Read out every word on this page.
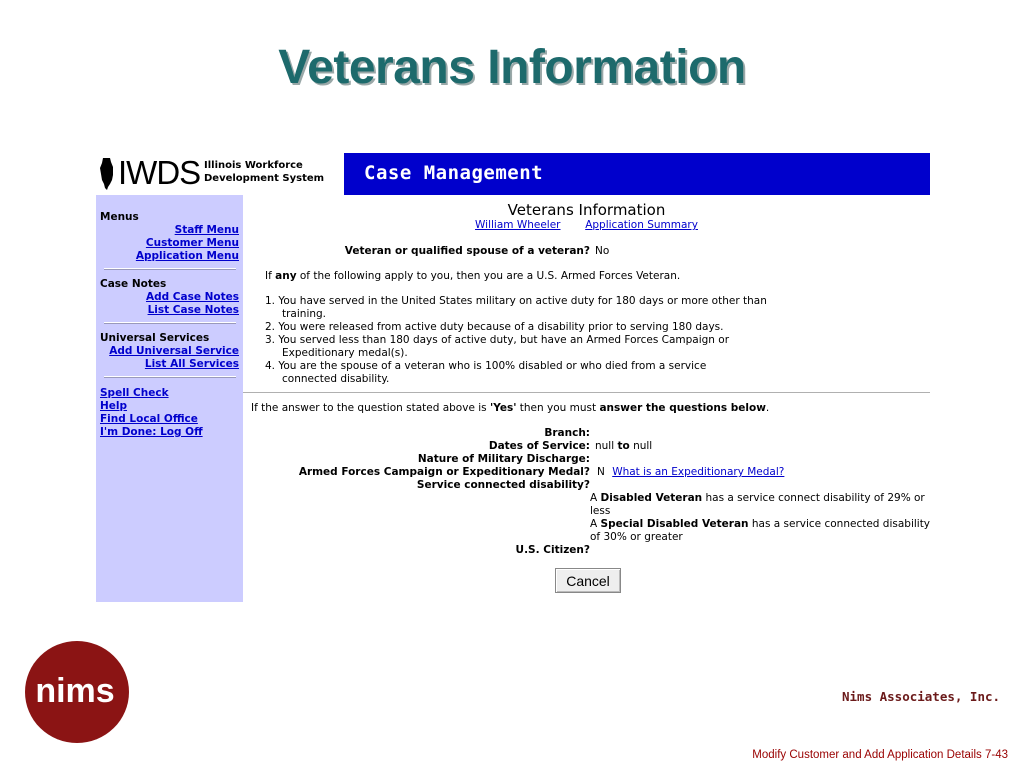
Veterans Information
IWDS Illinois Workforce
Development System Case Management
Menus
Staff Menu
Customer Menu
Application Menu
Case Notes
Add Case Notes
List Case Notes
Universal Services
Add Universal Service
List All Services
Spell Check
Help
Find Local Office
I'm Done: Log Off
Veterans Information
William Wheeler Application Summary
Veteran or qualified spouse of a veteran? No
If any of the following apply to you, then you are a U.S. Armed Forces Veteran.
1. You have served in the United States military on active duty for 180 days or more other than
training.
2. You were released from active duty because of a disability prior to serving 180 days.
3. You served less than 180 days of active duty, but have an Armed Forces Campaign or
Expeditionary medal(s).
4. You are the spouse of a veteran who is 100% disabled or who died from a service
connected disability.
If the answer to the question stated above is 'Yes' then you must answer the questions below.
Branch:
Dates of Service: null to null
Nature of Military Discharge:
Armed Forces Campaign or Expeditionary Medal? N What is an Expeditionary Medal?
Service connected disability?
A Disabled Veteran has a service connect disability of 29% or
less
A Special Disabled Veteran has a service connected disability
of 30% or greater
U.S. Citizen?
Cancel
nims	Nims Associates, Inc.
Modify Customer and Add Application Details 7-43
